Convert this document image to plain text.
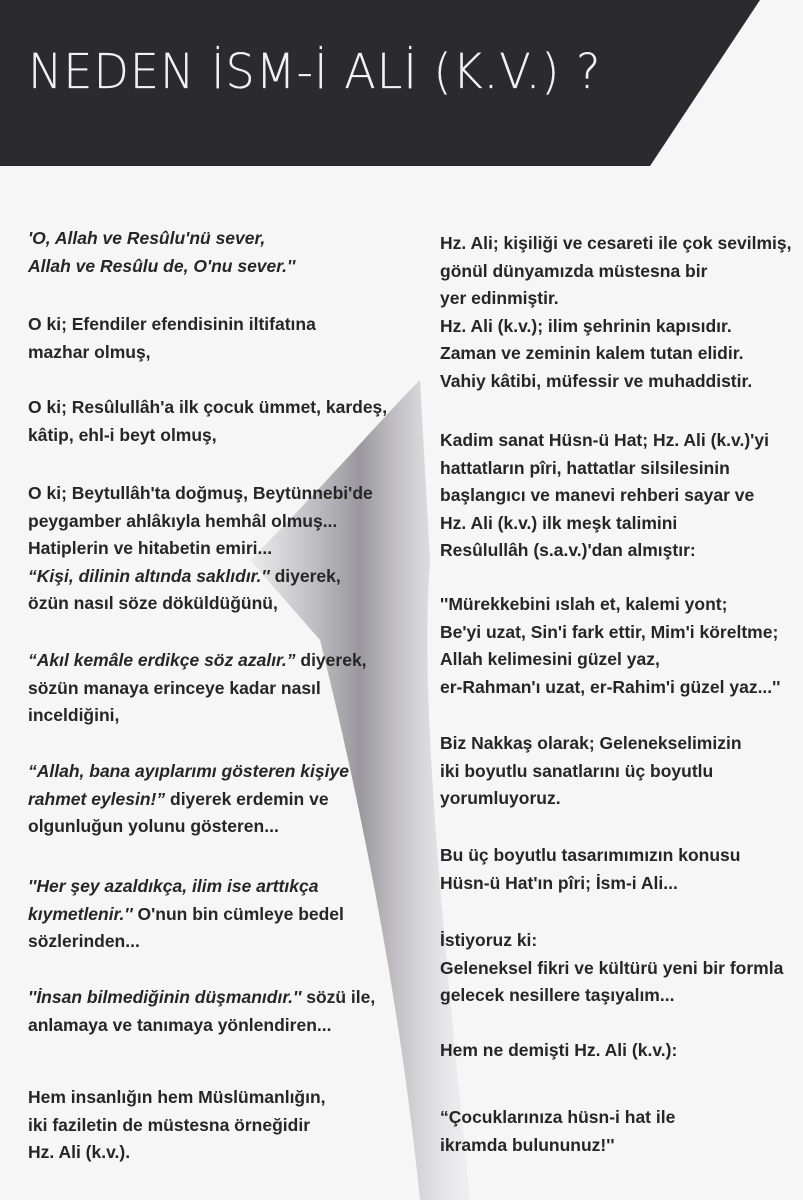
NEDEN İSM-İ ALİ (K.V.) ?
'O, Allah ve Resûlu'nü sever,
Allah ve Resûlu de, O'nu sever.''
O ki; Efendiler efendisinin iltifatına
mazhar olmuş,
O ki; Resûlullâh'a ilk çocuk ümmet, kardeş,
kâtip, ehl-i beyt olmuş,
O ki; Beytullâh'ta doğmuş, Beytünnebi'de
peygamber ahlâkıyla hemhâl olmuş...
Hatiplerin ve hitabetin emiri...
“Kişi, dilinin altında saklıdır.'' diyerek,
özün nasıl söze döküldüğünü,
“Akıl kemâle erdikçe söz azalır.” diyerek,
sözün manaya erinceye kadar nasıl
inceldiğini,
“Allah, bana ayıplarımı gösteren kişiye
rahmet eylesin!” diyerek erdemin ve
olgunluğun yolunu gösteren...
''Her şey azaldıkça, ilim ise arttıkça
kıymetlenir.'' O'nun bin cümleye bedel
sözlerinden...
''İnsan bilmediğinin düşmanıdır.'' sözü ile,
anlamaya ve tanımaya yönlendiren...
Hem insanlığın hem Müslümanlığın,
iki faziletin de müstesna örneğidir
Hz. Ali (k.v.).
Hz. Ali; kişiliği ve cesareti ile çok sevilmiş,
gönül dünyamızda müstesna bir
yer edinmiştir.
Hz. Ali (k.v.); ilim şehrinin kapısıdır.
Zaman ve zeminin kalem tutan elidir.
Vahiy kâtibi, müfessir ve muhaddistir.
Kadim sanat Hüsn-ü Hat; Hz. Ali (k.v.)'yi
hattatların pîri, hattatlar silsilesinin
başlangıcı ve manevi rehberi sayar ve
Hz. Ali (k.v.) ilk meşk talimini
Resûlullâh (s.a.v.)'dan almıştır:
''Mürekkebini ıslah et, kalemi yont;
Be'yi uzat, Sin'i fark ettir, Mim'i köreltme;
Allah kelimesini güzel yaz,
er-Rahman'ı uzat, er-Rahim'i güzel yaz...''
Biz Nakkaş olarak; Geleneksel​imizin
iki boyutlu sanatlarını üç boyutlu
yorumluyoruz.
Bu üç boyutlu tasarımımızın konusu
Hüsn-ü Hat'ın pîri; İsm-i Ali...
İstiyoruz ki:
Geleneksel fikri ve kültürü yeni bir formla
gelecek nesillere taşıyalım...
Hem ne demişti Hz. Ali (k.v.):
“Çocuklarınıza hüsn-i hat ile
ikramda bulununuz!''
